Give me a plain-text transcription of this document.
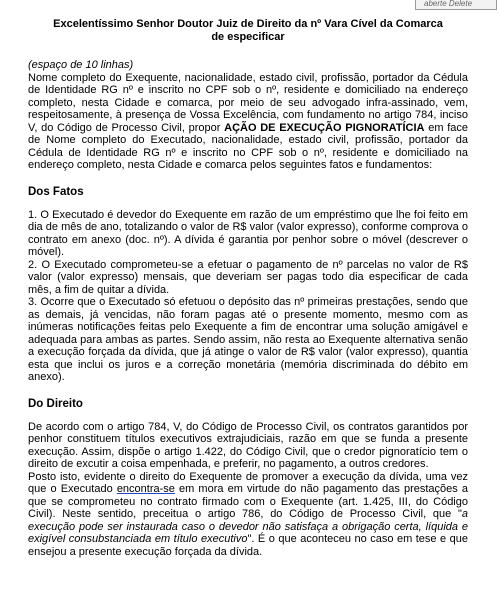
aberte Delete

Excelentíssimo Senhor Doutor Juiz de Direito da nº Vara Cível da Comarca
de especificar

(espaço de 10 linhas)

Nome completo do Exequente, nacionalidade, estado civil, profissão, portador da Cédula de Identidade RG nº e inscrito no CPF sob o nº, residente e domiciliado na endereço completo, nesta Cidade e comarca, por meio de seu advogado infra-assinado, vem, respeitosamente, à presença de Vossa Excelência, com fundamento no artigo 784, inciso V, do Código de Processo Civil, propor AÇÃO DE EXECUÇÃO PIGNORATÍCIA em face de Nome completo do Executado, nacionalidade, estado civil, profissão, portador da Cédula de Identidade RG nº e inscrito no CPF sob o nº, residente e domiciliado na endereço completo, nesta Cidade e comarca pelos seguintes fatos e fundamentos:

Dos Fatos

1. O Executado é devedor do Exequente em razão de um empréstimo que lhe foi feito em dia de mês de ano, totalizando o valor de R$ valor (valor expresso), conforme comprova o contrato em anexo (doc. nº). A dívida é garantia por penhor sobre o móvel (descrever o móvel).

2. O Executado comprometeu-se a efetuar o pagamento de nº parcelas no valor de R$ valor (valor expresso) mensais, que deveriam ser pagas todo dia especificar de cada mês, a fim de quitar a dívida.

3. Ocorre que o Executado só efetuou o depósito das nº primeiras prestações, sendo que as demais, já vencidas, não foram pagas até o presente momento, mesmo com as inúmeras notificações feitas pelo Exequente a fim de encontrar uma solução amigável e adequada para ambas as partes. Sendo assim, não resta ao Exequente alternativa senão a execução forçada da dívida, que já atinge o valor de R$ valor (valor expresso), quantia esta que inclui os juros e a correção monetária (memória discriminada do débito em anexo).

Do Direito

De acordo com o artigo 784, V, do Código de Processo Civil, os contratos garantidos por penhor constituem títulos executivos extrajudiciais, razão em que se funda a presente execução. Assim, dispõe o artigo 1.422, do Código Civil, que o credor pignoratício tem o direito de excutir a coisa empenhada, e preferir, no pagamento, a outros credores.

Posto isto, evidente o direito do Exequente de promover a execução da dívida, uma vez que o Executado encontra-se em mora em virtude do não pagamento das prestações a que se comprometeu no contrato firmado com o Exequente (art. 1.425, III, do Código Civil). Neste sentido, preceitua o artigo 786, do Código de Processo Civil, que "a execução pode ser instaurada caso o devedor não satisfaça a obrigação certa, líquida e exigível consubstanciada em título executivo". É o que aconteceu no caso em tese e que ensejou a presente execução forçada da dívida.
